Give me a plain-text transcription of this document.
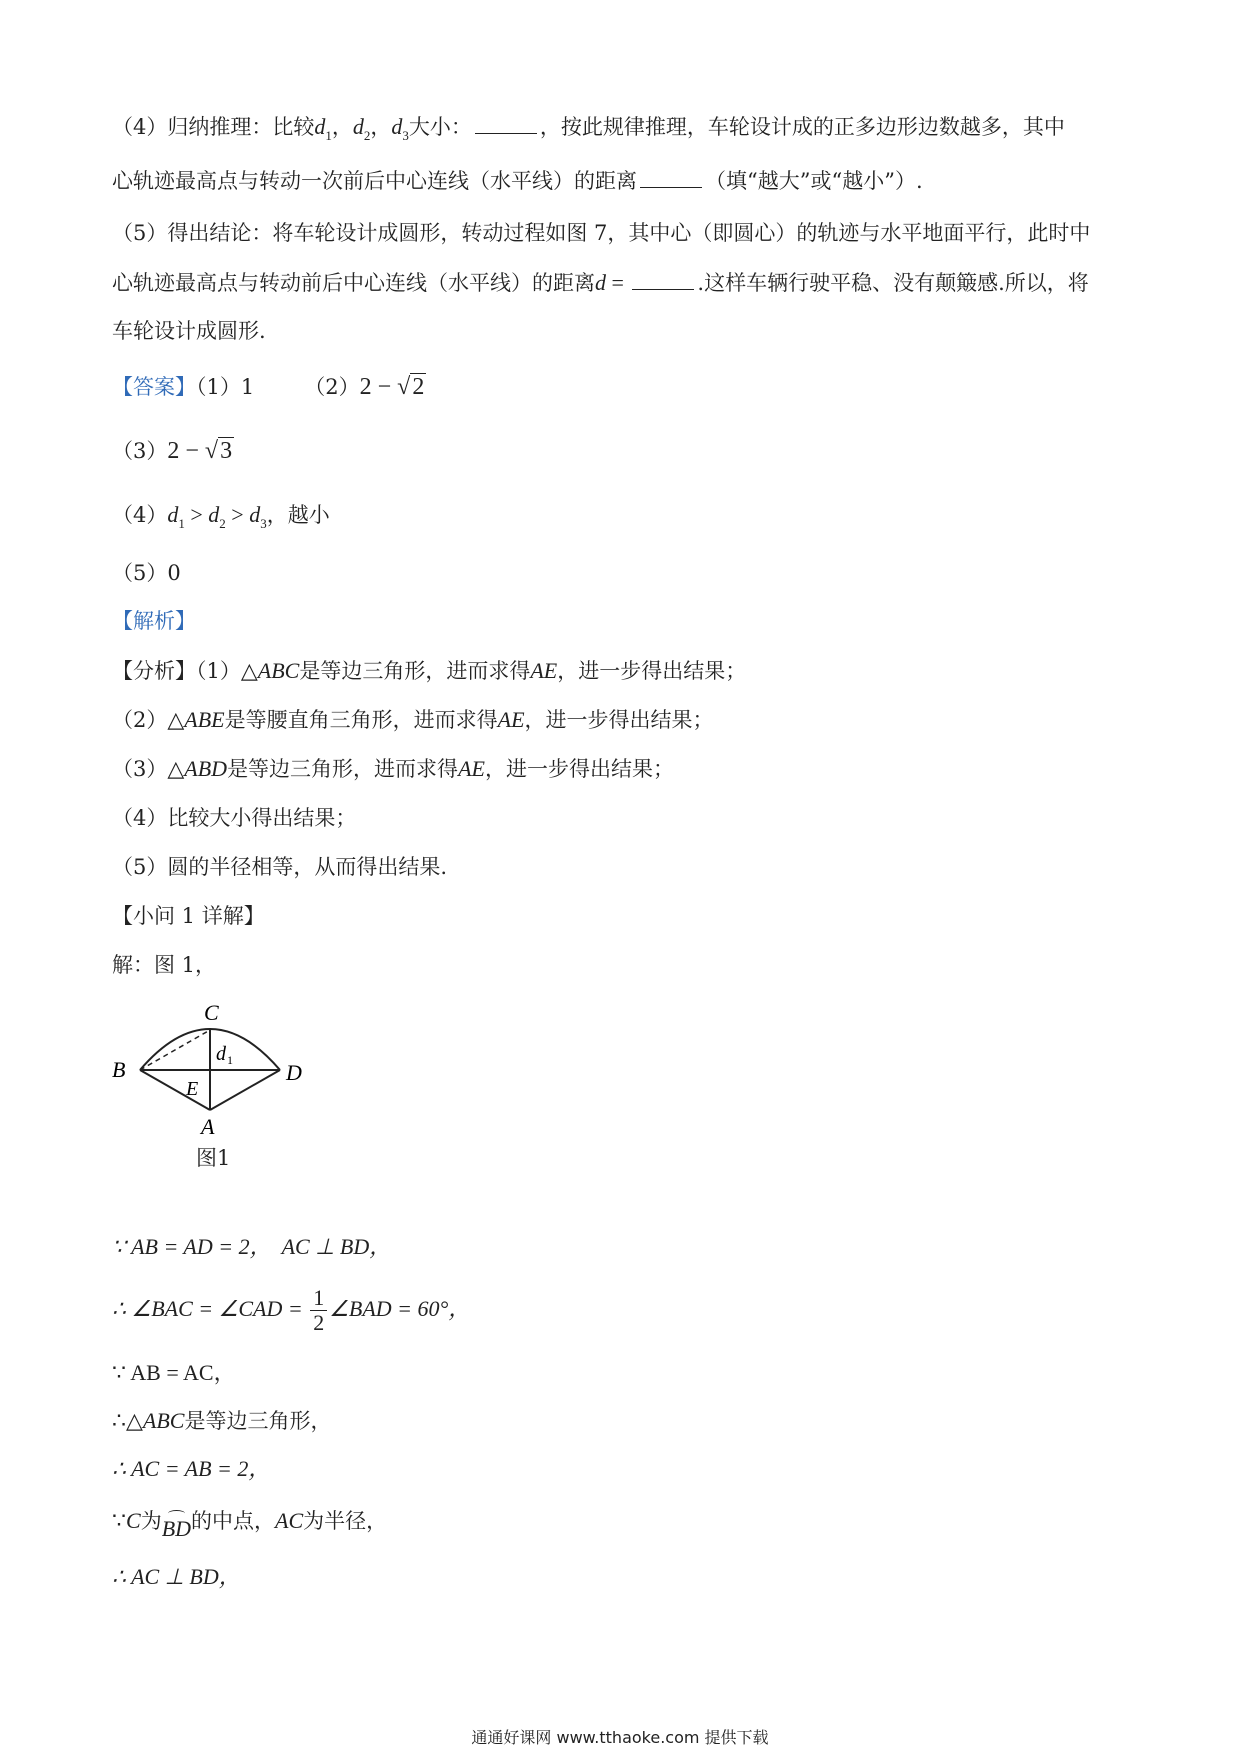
（4）归纳推理：比较$d_1$，$d_2$，$d_3$大小：	，按此规律推理，车轮设计成的正多边形边数越多，其中
心轨迹最高点与转动一次前后中心连线（水平线）的距离	（填“越大”或“越小”）.
（5）得出结论：将车轮设计成圆形，转动过程如图 7，其中心（即圆心）的轨迹与水平地面平行，此时中
心轨迹最高点与转动前后中心连线（水平线）的距离d =	.这样车辆行驶平稳、没有颠簸感.所以，将
车轮设计成圆形.
【答案】（1）1 （2）2 − √2
（3）2 − √3
$(4)d_1 > d_2 > d_3$，越小
（5）0
【解析】
【分析】（1）△ABC是等边三角形，进而求得AE，进一步得出结果；
（2）△ABE是等腰直角三角形，进而求得AE，进一步得出结果；
（3）△ABD是等边三角形，进而求得AE，进一步得出结果；
（4）比较大小得出结果；
（5）圆的半径相等，从而得出结果.
【小问 1 详解】
解：图 1，
C
B	D
E
A
d 1
图1
∵ AB = AD = 2， AC ⊥ BD，
∴ ∠BAC = ∠CAD = $\frac{1}{2}$ ∠BAD = 60°，
∵ AB = AC，
∴△ABC是等边三角形，
∴ AC = AB = 2，
∵C为BD的中点，AC为半径，
∴ AC ⊥ BD，
通通好课网 www.tthaoke.com 提供下载
